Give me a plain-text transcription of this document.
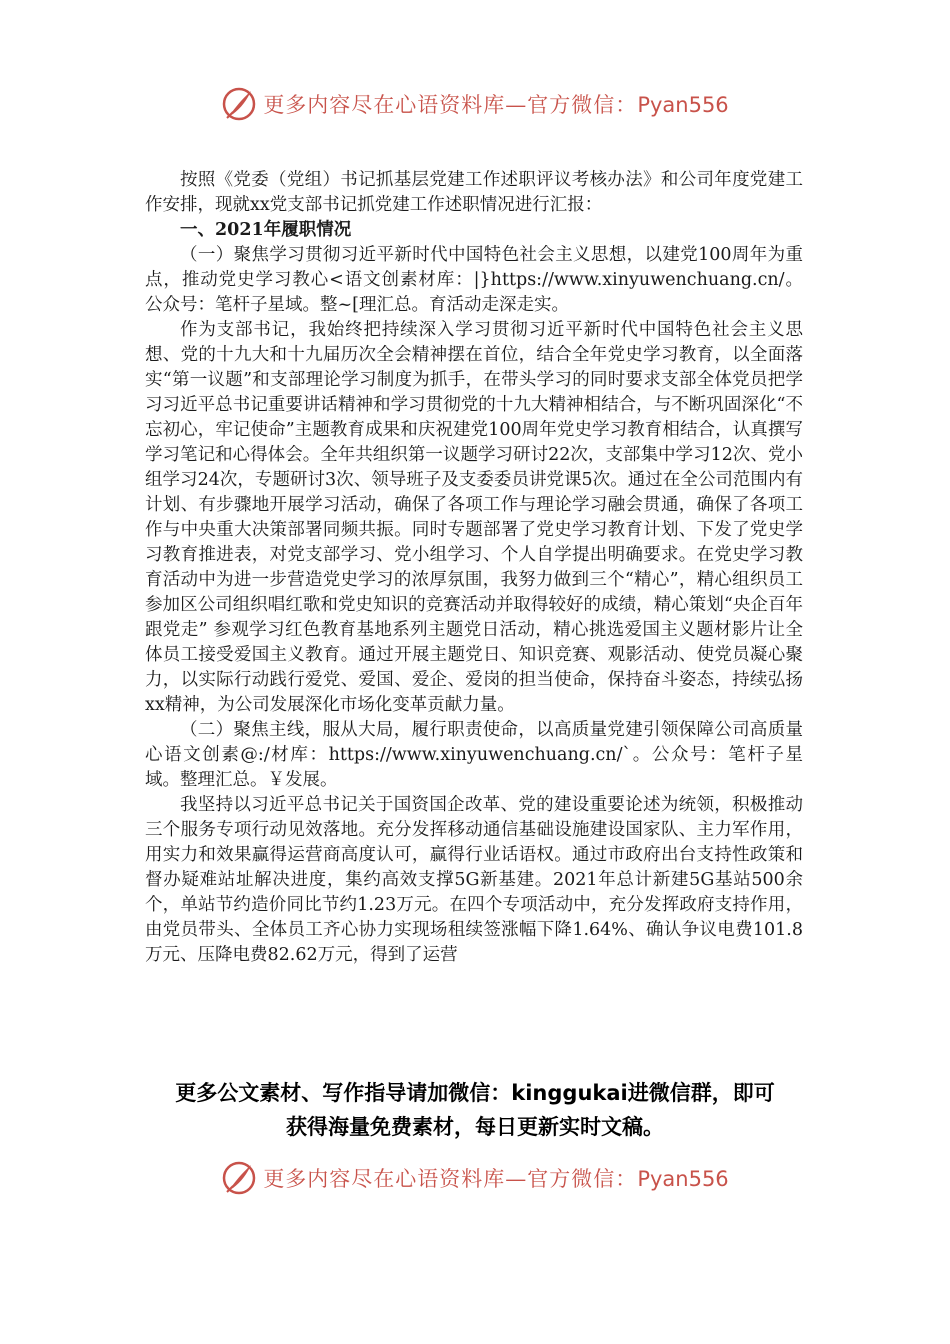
更多内容尽在心语资料库—官方微信：Pyan556

按照《党委（党组）书记抓基层党建工作述职评议考核办法》和公司年度党建工作安排，现就xx党支部书记抓党建工作述职情况进行汇报：

一、2021年履职情况

（一）聚焦学习贯彻习近平新时代中国特色社会主义思想，以建党100周年为重点，推动党史学习教心<语文创素材库：|}https://www.xinyuwenchuang.cn/。公众号：笔杆子星域。整~[理汇总。育活动走深走实。

作为支部书记，我始终把持续深入学习贯彻习近平新时代中国特色社会主义思想、党的十九大和十九届历次全会精神摆在首位，结合全年党史学习教育，以全面落实“第一议题”和支部理论学习制度为抓手，在带头学习的同时要求支部全体党员把学习习近平总书记重要讲话精神和学习贯彻党的十九大精神相结合，与不断巩固深化“不忘初心，牢记使命”主题教育成果和庆祝建党100周年党史学习教育相结合，认真撰写学习笔记和心得体会。全年共组织第一议题学习研讨22次，支部集中学习12次、党小组学习24次，专题研讨3次、领导班子及支委委员讲党课5次。通过在全公司范围内有计划、有步骤地开展学习活动，确保了各项工作与理论学习融会贯通，确保了各项工作与中央重大决策部署同频共振。同时专题部署了党史学习教育计划、下发了党史学习教育推进表，对党支部学习、党小组学习、个人自学提出明确要求。在党史学习教育活动中为进一步营造党史学习的浓厚氛围，我努力做到三个“精心”，精心组织员工参加区公司组织唱红歌和党史知识的竞赛活动并取得较好的成绩，精心策划“央企百年跟党走” 参观学习红色教育基地系列主题党日活动，精心挑选爱国主义题材影片让全体员工接受爱国主义教育。通过开展主题党日、知识竞赛、观影活动、使党员凝心聚力，以实际行动践行爱党、爱国、爱企、爱岗的担当使命，保持奋斗姿态，持续弘扬xx精神，为公司发展深化市场化变革贡献力量。

（二）聚焦主线，服从大局，履行职责使命，以高质量党建引领保障公司高质量心语文创素@:/材库：https://www.xinyuwenchuang.cn/`。公众号：笔杆子星域。整理汇总。￥发展。

我坚持以习近平总书记关于国资国企改革、党的建设重要论述为统领，积极推动三个服务专项行动见效落地。充分发挥移动通信基础设施建设国家队、主力军作用，用实力和效果赢得运营商高度认可，赢得行业话语权。通过市政府出台支持性政策和督办疑难站址解决进度，集约高效支撑5G新基建。2021年总计新建5G基站500余个，单站节约造价同比节约1.23万元。在四个专项活动中，充分发挥政府支持作用，由党员带头、全体员工齐心协力实现场租续签涨幅下降1.64%、确认争议电费101.8万元、压降电费82.62万元，得到了运营

更多公文素材、写作指导请加微信：kinggukai进微信群，即可
获得海量免费素材，每日更新实时文稿。
更多内容尽在心语资料库—官方微信：Pyan556
